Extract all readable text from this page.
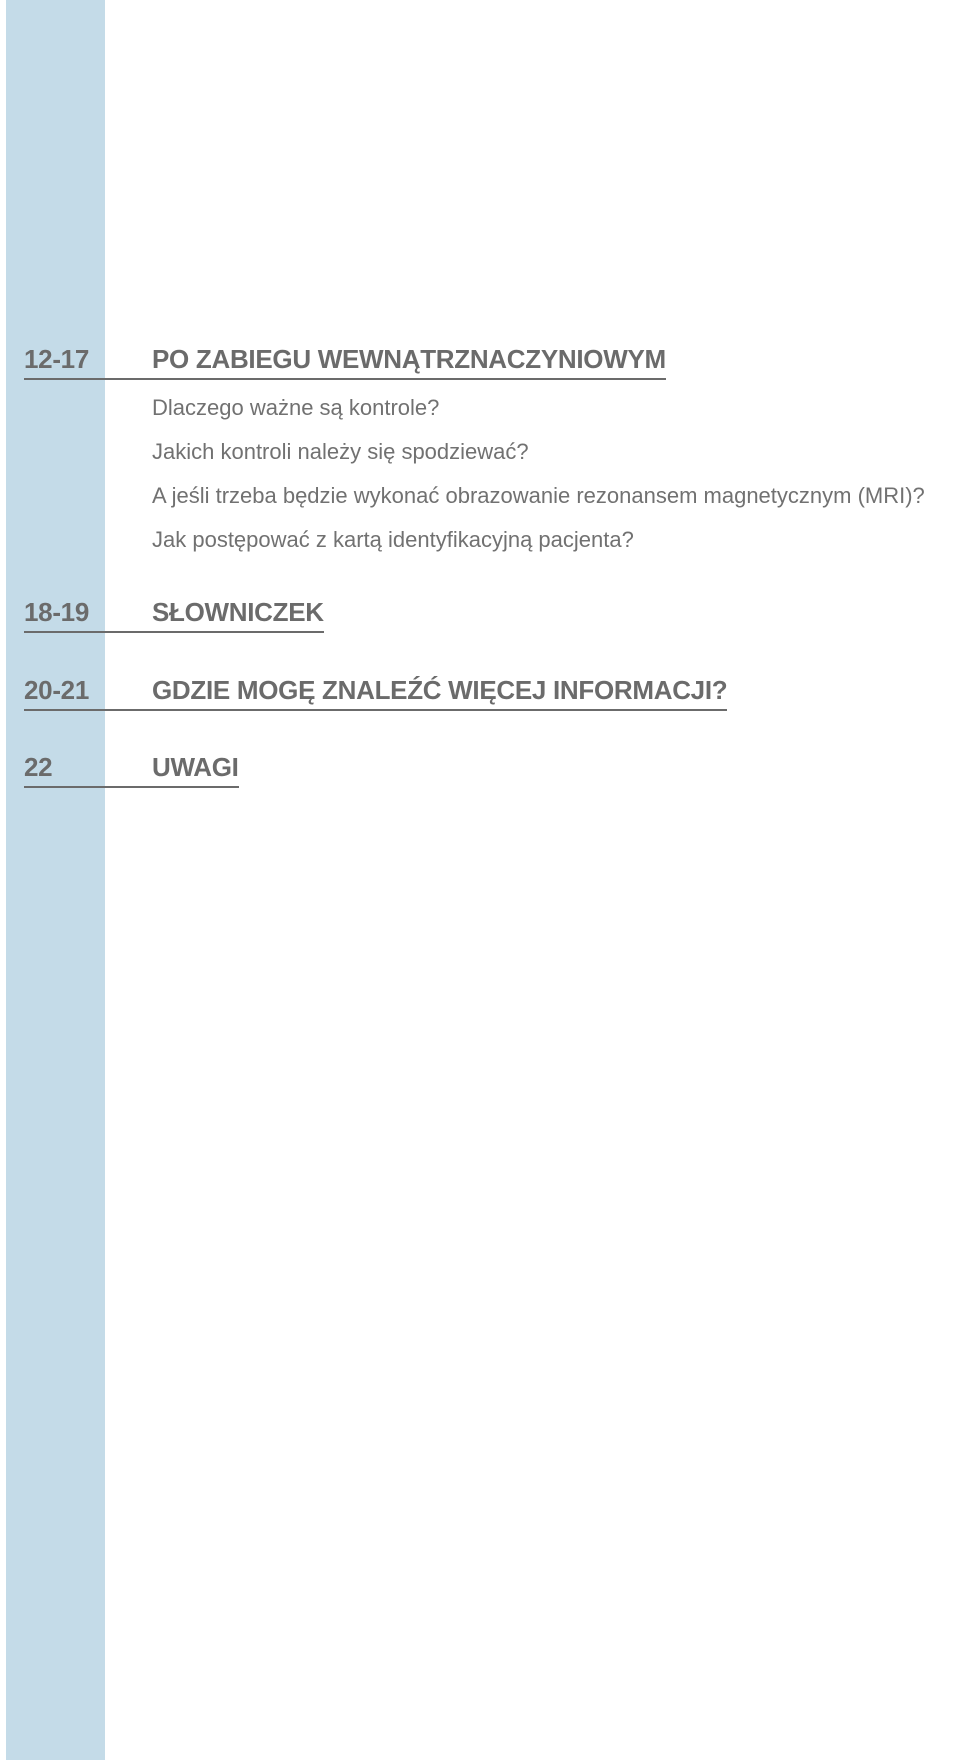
12-17 PO ZABIEGU WEWNĄTRZNACZYNIOWYM
Dlaczego ważne są kontrole?
Jakich kontroli należy się spodziewać?
A jeśli trzeba będzie wykonać obrazowanie rezonansem magnetycznym (MRI)?
Jak postępować z kartą identyfikacyjną pacjenta?
18-19 SŁOWNICZEK
20-21 GDZIE MOGĘ ZNALEŹĆ WIĘCEJ INFORMACJI?
22	UWAGI
